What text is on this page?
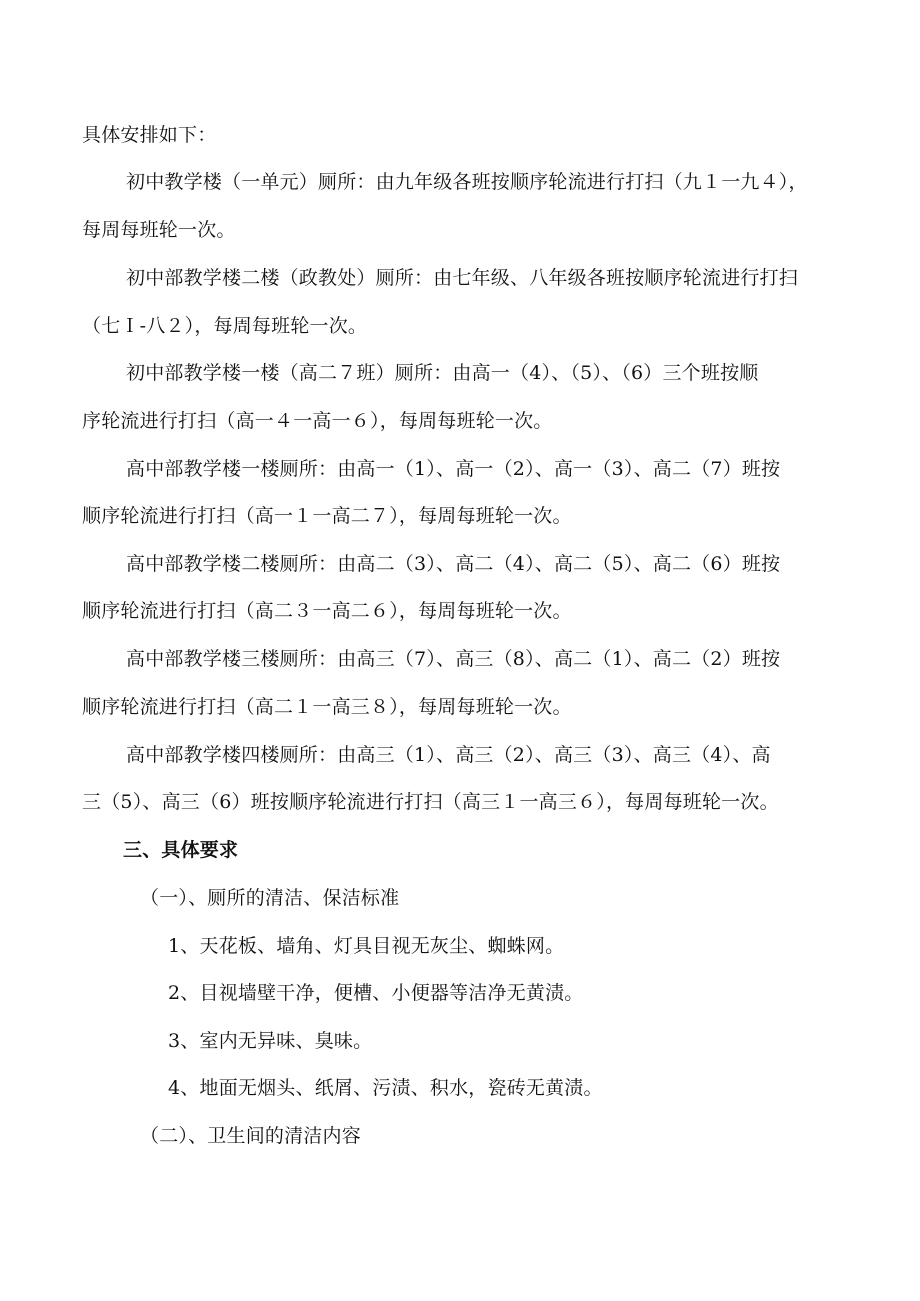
具体安排如下：
初中教学楼（一单元）厕所：由九年级各班按顺序轮流进行打扫（九１一九４），
每周每班轮一次。
初中部教学楼二楼（政教处）厕所：由七年级、八年级各班按顺序轮流进行打扫
（七Ｉ-八２），每周每班轮一次。
初中部教学楼一楼（高二７班）厕所：由高一（4）、（5）、（6）三个班按顺
序轮流进行打扫（高一４一高一６），每周每班轮一次。
高中部教学楼一楼厕所：由高一（1）、高一（2）、高一（3）、高二（7）班按
顺序轮流进行打扫（高一１一高二７），每周每班轮一次。
高中部教学楼二楼厕所：由高二（3）、高二（4）、高二（5）、高二（6）班按
顺序轮流进行打扫（高二３一高二６），每周每班轮一次。
高中部教学楼三楼厕所：由高三（7）、高三（8）、高二（1）、高二（2）班按
顺序轮流进行打扫（高二１一高三８），每周每班轮一次。
高中部教学楼四楼厕所：由高三（1）、高三（2）、高三（3）、高三（4）、高
三（5）、高三（6）班按顺序轮流进行打扫（高三１一高三６），每周每班轮一次。
三、具体要求
（一）、厕所的清洁、保洁标准
1、天花板、墙角、灯具目视无灰尘、蜘蛛网。
2、目视墙壁干净，便槽、小便器等洁净无黄渍。
3、室内无异味、臭味。
4、地面无烟头、纸屑、污渍、积水，瓷砖无黄渍。
（二）、卫生间的清洁内容
